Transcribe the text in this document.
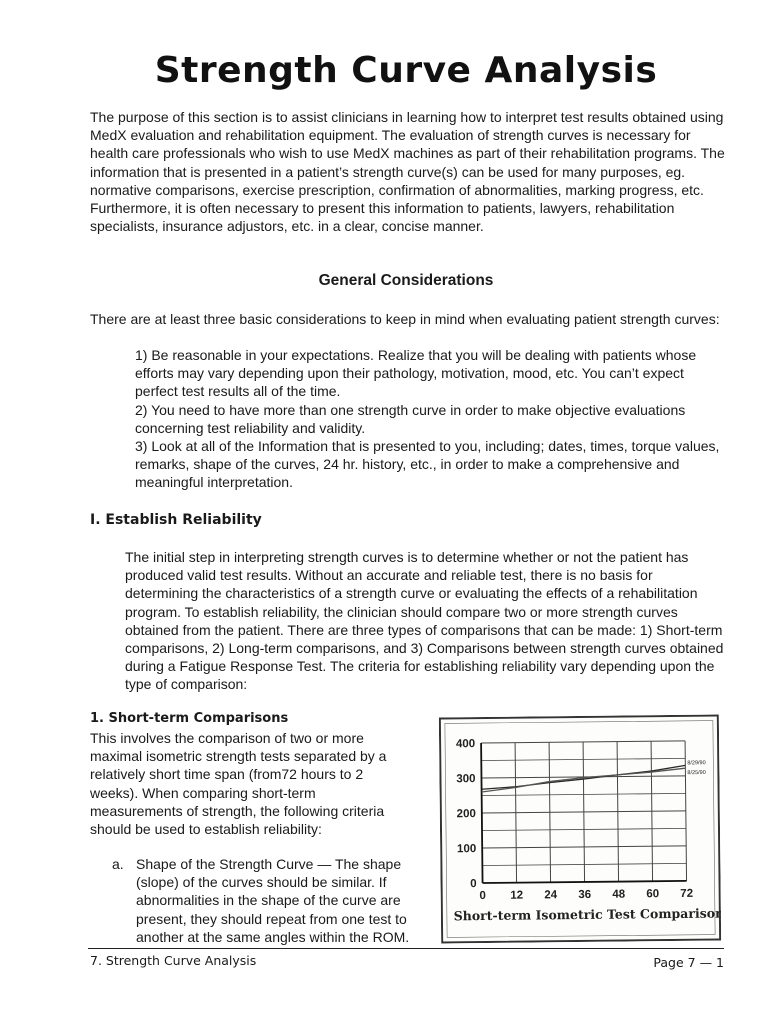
Strength Curve Analysis

The purpose of this section is to assist clinicians in learning how to interpret test results obtained using MedX evaluation and rehabilitation equipment. The evaluation of strength curves is necessary for health care professionals who wish to use MedX machines as part of their rehabilitation programs. The information that is presented in a patient’s strength curve(s) can be used for many purposes, eg. normative comparisons, exercise prescription, confirmation of abnormalities, marking progress, etc. Furthermore, it is often necessary to present this information to patients, lawyers, rehabilitation specialists, insurance adjustors, etc. in a clear, concise manner.

General Considerations

There are at least three basic considerations to keep in mind when evaluating patient strength curves:

1) Be reasonable in your expectations. Realize that you will be dealing with patients whose efforts may vary depending upon their pathology, motivation, mood, etc. You can’t expect perfect test results all of the time.
2) You need to have more than one strength curve in order to make objective evaluations concerning test reliability and validity.
3) Look at all of the Information that is presented to you, including; dates, times, torque values, remarks, shape of the curves, 24 hr. history, etc., in order to make a comprehensive and meaningful interpretation.
I. Establish Reliability

The initial step in interpreting strength curves is to determine whether or not the patient has produced valid test results. Without an accurate and reliable test, there is no basis for determining the characteristics of a strength curve or evaluating the effects of a rehabilitation program. To establish reliability, the clinician should compare two or more strength curves obtained from the patient. There are three types of comparisons that can be made: 1) Short-term comparisons, 2) Long-term comparisons, and 3) Comparisons between strength curves obtained during a Fatigue Response Test. The criteria for establishing reliability vary depending upon the type of comparison:

1. Short-term Comparisons

This involves the comparison of two or more maximal isometric strength tests separated by a relatively short time span (from72 hours to 2 weeks). When comparing short-term measurements of strength, the following criteria should be used to establish reliability:

a. Shape of the Strength Curve — The shape (slope) of the curves should be similar. If abnormalities in the shape of the curve are present, they should repeat from one test to another at the same angles within the ROM.
0
100
200
300
400
0 12 24 36 48 60 72
8/29/90
8/25/90
Short-term Isometric Test Comparison
7. Strength Curve Analysis	Page 7 — 1
